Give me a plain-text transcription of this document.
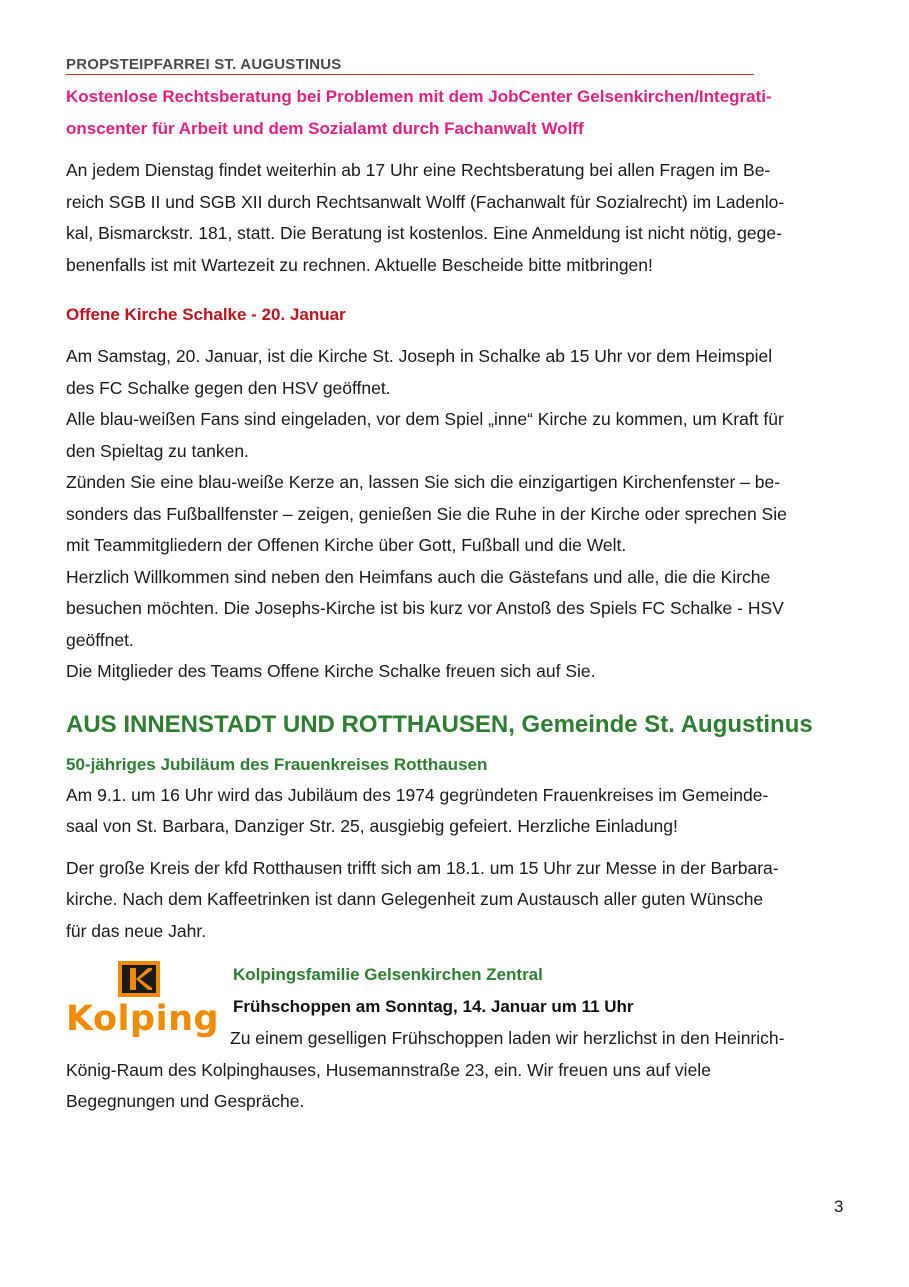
PROPSTEIPFARREI ST. AUGUSTINUS
Kostenlose Rechtsberatung bei Problemen mit dem JobCenter Gelsenkirchen/Integrati-
onscenter für Arbeit und dem Sozialamt durch Fachanwalt Wolff

An jedem Dienstag findet weiterhin ab 17 Uhr eine Rechtsberatung bei allen Fragen im Be-

reich SGB II und SGB XII durch Rechtsanwalt Wolff (Fachanwalt für Sozialrecht) im Ladenlo-

kal, Bismarckstr. 181, statt. Die Beratung ist kostenlos. Eine Anmeldung ist nicht nötig, gege-

benenfalls ist mit Wartezeit zu rechnen. Aktuelle Bescheide bitte mitbringen!

Offene Kirche Schalke - 20. Januar

Am Samstag, 20. Januar, ist die Kirche St. Joseph in Schalke ab 15 Uhr vor dem Heimspiel

des FC Schalke gegen den HSV geöffnet.

Alle blau-weißen Fans sind eingeladen, vor dem Spiel „inne“ Kirche zu kommen, um Kraft für

den Spieltag zu tanken.

Zünden Sie eine blau-weiße Kerze an, lassen Sie sich die einzigartigen Kirchenfenster – be-

sonders das Fußballfenster – zeigen, genießen Sie die Ruhe in der Kirche oder sprechen Sie

mit Teammitgliedern der Offenen Kirche über Gott, Fußball und die Welt.

Herzlich Willkommen sind neben den Heimfans auch die Gästefans und alle, die die Kirche

besuchen möchten. Die Josephs-Kirche ist bis kurz vor Anstoß des Spiels FC Schalke - HSV

geöffnet.

Die Mitglieder des Teams Offene Kirche Schalke freuen sich auf Sie.

AUS INNENSTADT UND ROTTHAUSEN, Gemeinde St. Augustinus
50-jähriges Jubiläum des Frauenkreises Rotthausen

Am 9.1. um 16 Uhr wird das Jubiläum des 1974 gegründeten Frauenkreises im Gemeinde-

saal von St. Barbara, Danziger Str. 25, ausgiebig gefeiert. Herzliche Einladung!

Der große Kreis der kfd Rotthausen trifft sich am 18.1. um 15 Uhr zur Messe in der Barbara-

kirche. Nach dem Kaffeetrinken ist dann Gelegenheit zum Austausch aller guten Wünsche

für das neue Jahr.

Kolping
Kolpingsfamilie Gelsenkirchen Zentral
Frühschoppen am Sonntag, 14. Januar um 11 Uhr

Zu einem geselligen Frühschoppen laden wir herzlichst in den Heinrich-

König-Raum des Kolpinghauses, Husemannstraße 23, ein. Wir freuen uns auf viele

Begegnungen und Gespräche.

3
